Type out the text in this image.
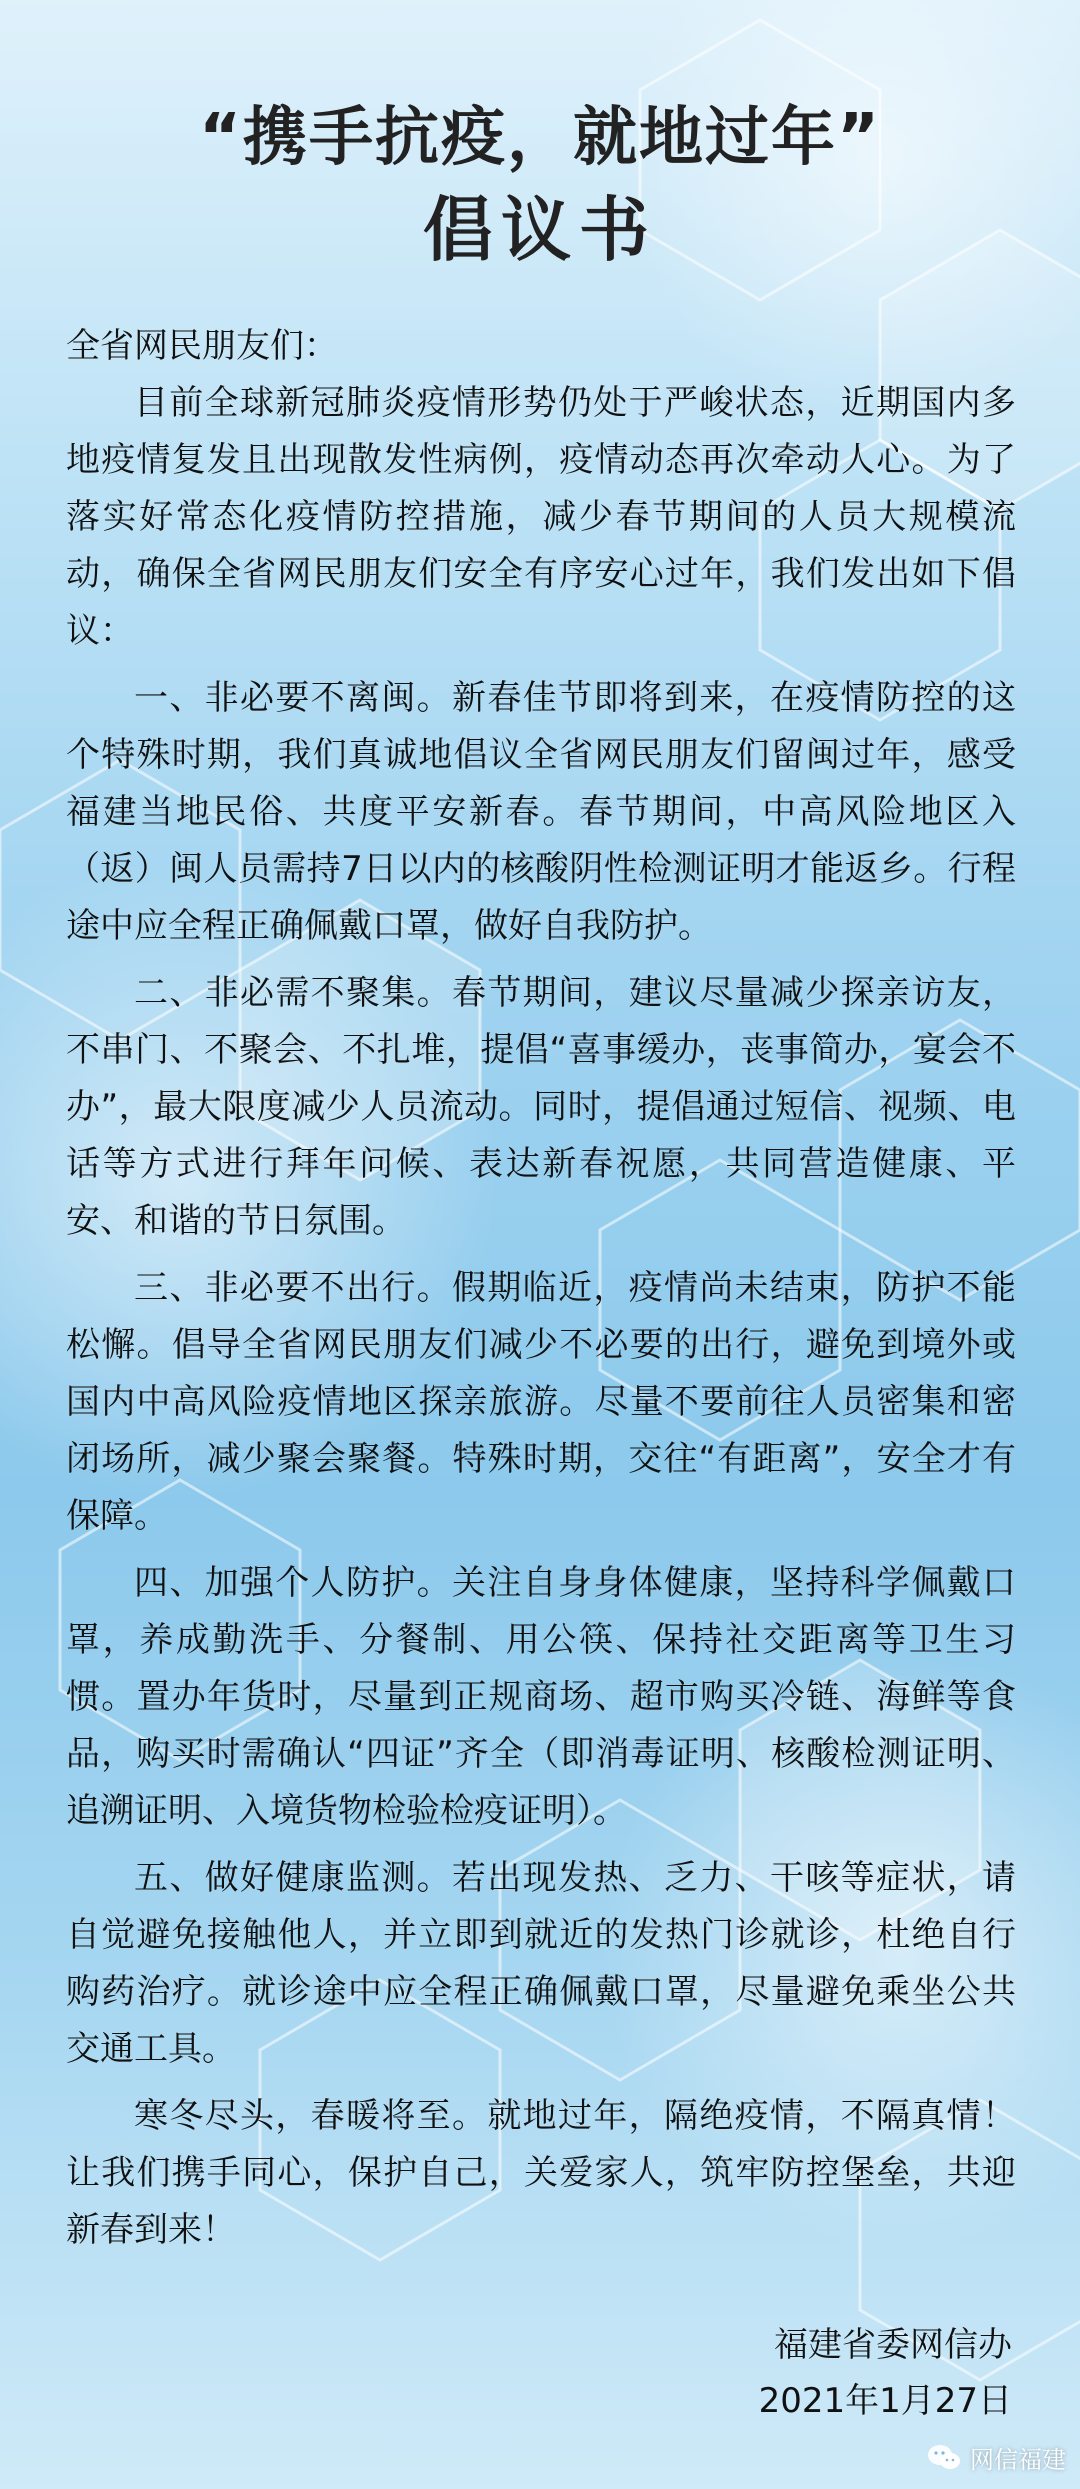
“携手抗疫，就地过年”
倡议书

全省网民朋友们：

目前全球新冠肺炎疫情形势仍处于严峻状态，近期国内多地疫情复发且出现散发性病例，疫情动态再次牵动人心。为了落实好常态化疫情防控措施，减少春节期间的人员大规模流动，确保全省网民朋友们安全有序安心过年，我们发出如下倡议：

一、非必要不离闽。新春佳节即将到来，在疫情防控的这个特殊时期，我们真诚地倡议全省网民朋友们留闽过年，感受福建当地民俗、共度平安新春。春节期间，中高风险地区入（返）闽人员需持7日以内的核酸阴性检测证明才能返乡。行程途中应全程正确佩戴口罩，做好自我防护。

二、非必需不聚集。春节期间，建议尽量减少探亲访友，不串门、不聚会、不扎堆，提倡“喜事缓办，丧事简办，宴会不办”，最大限度减少人员流动。同时，提倡通过短信、视频、电话等方式进行拜年问候、表达新春祝愿，共同营造健康、平安、和谐的节日氛围。

三、非必要不出行。假期临近，疫情尚未结束，防护不能松懈。倡导全省网民朋友们减少不必要的出行，避免到境外或国内中高风险疫情地区探亲旅游。尽量不要前往人员密集和密闭场所，减少聚会聚餐。特殊时期，交往“有距离”，安全才有保障。

四、加强个人防护。关注自身身体健康，坚持科学佩戴口罩，养成勤洗手、分餐制、用公筷、保持社交距离等卫生习惯。置办年货时，尽量到正规商场、超市购买冷链、海鲜等食品，购买时需确认“四证”齐全（即消毒证明、核酸检测证明、追溯证明、入境货物检验检疫证明）。

五、做好健康监测。若出现发热、乏力、干咳等症状，请自觉避免接触他人，并立即到就近的发热门诊就诊，杜绝自行购药治疗。就诊途中应全程正确佩戴口罩，尽量避免乘坐公共交通工具。

寒冬尽头，春暖将至。就地过年，隔绝疫情，不隔真情！让我们携手同心，保护自己，关爱家人，筑牢防控堡垒，共迎新春到来！

福建省委网信办
2021年1月27日
网信福建
